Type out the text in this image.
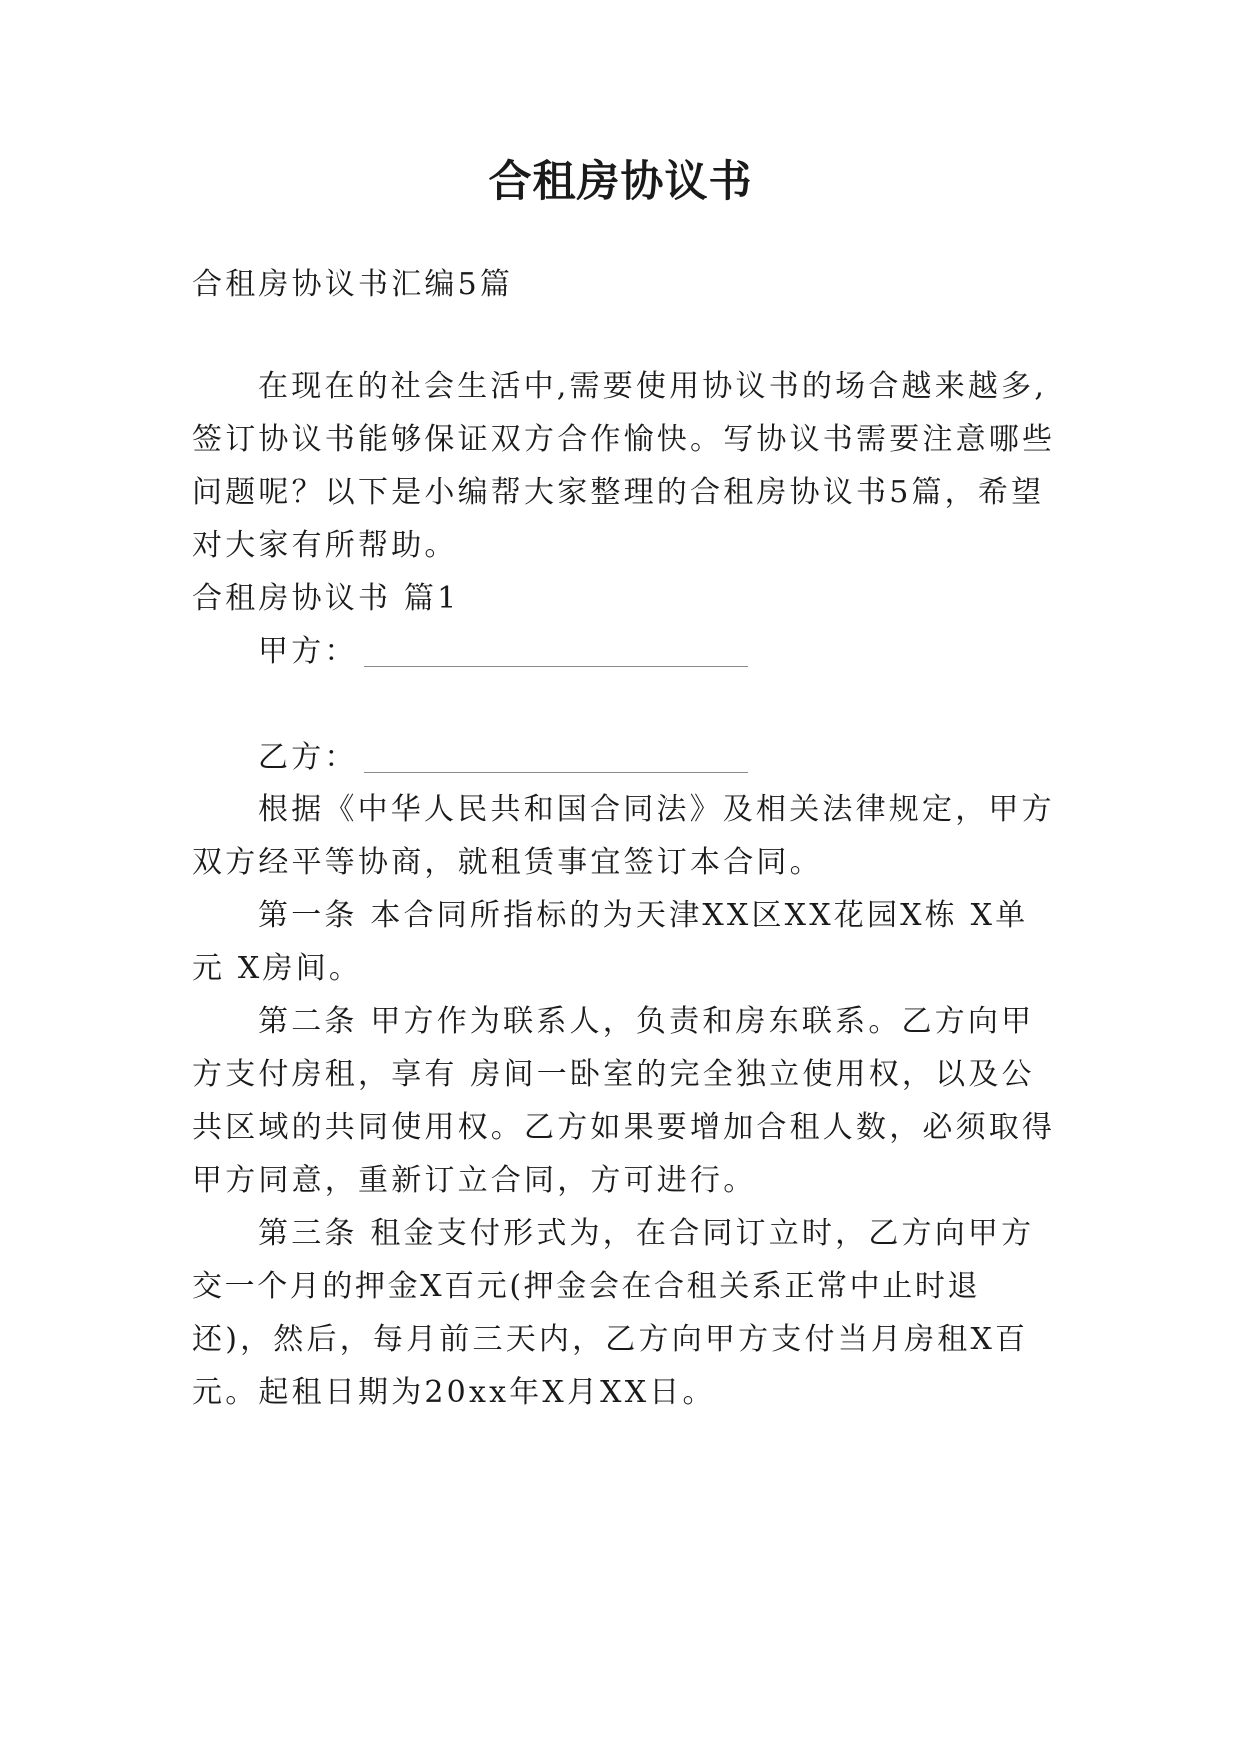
合租房协议书
合租房协议书汇编5篇
在现在的社会生活中,需要使用协议书的场合越来越多,
签订协议书能够保证双方合作愉快。写协议书需要注意哪些
问题呢？以下是小编帮大家整理的合租房协议书5篇，希望
对大家有所帮助。
合租房协议书 篇1
甲方：
乙方：
根据《中华人民共和国合同法》及相关法律规定，甲方
双方经平等协商，就租赁事宜签订本合同。
第一条 本合同所指标的为天津XX区XX花园X栋 X单
元 X房间。
第二条 甲方作为联系人，负责和房东联系。乙方向甲
方支付房租，享有 房间一卧室的完全独立使用权，以及公
共区域的共同使用权。乙方如果要增加合租人数，必须取得
甲方同意，重新订立合同，方可进行。
第三条 租金支付形式为，在合同订立时，乙方向甲方
交一个月的押金X百元(押金会在合租关系正常中止时退
还)，然后，每月前三天内，乙方向甲方支付当月房租X百
元。起租日期为20xx年X月XX日。
